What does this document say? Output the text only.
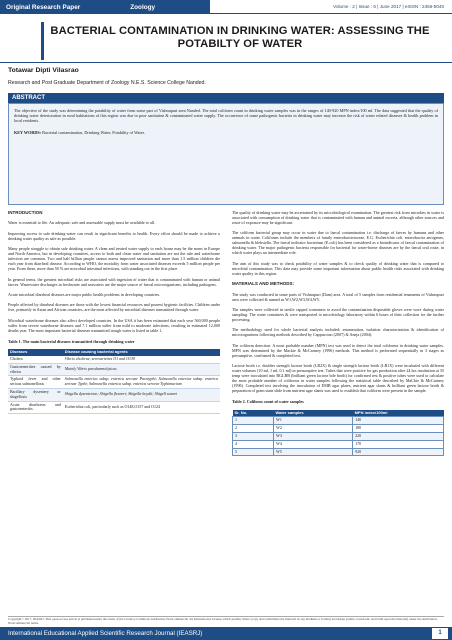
Original Research Paper	Zoology	Volume : 2 | Issue : 6 | June 2017 | eISSN : 2456-5040
BACTERIAL CONTAMINATION IN DRINKING WATER: ASSESSING THE POTABILTY OF WATER
Totawar Dipti Vilasrao
Research and Post Graduate Department of Zoology N.E.S. Science College Nanded.
ABSTRACT

The objective of the study was determining the potability of water from some part of Vishnupuri area Nanded. The total coliform count in drinking water samples was in the ranges of 140-920 MPN index/100 ml. The data suggested that the quality of drinking water deterioration in rural habitations of this region was due to poor sanitation & contaminated water supply. The occurrence of some pathogenic bacteria in drinking water may increase the risk of water related diseases & health problem in local residents.

KEY WORDS: Bacterial contamination, Drinking Water, Potability of Water.

INTRODUCTION

Water is essential to life. An adequate, safe and assessable supply must be available to all.

Improving access to safe drinking-water can result in significant benefits to health. Every effort should be made to achieve a drinking water quality as safe as possible.

Many people struggle to obtain safe drinking water. A clean and treated water supply to each house may be the norm in Europe and North America, but in developing countries, access to both and clean water and sanitation are not the rule and waterborne infection are common. Two and half billion people cannot assess improved sanitation and more than 1.5 million children die each year from diarrheal disease. According to WHO, the mortality from water associated diseases exceeds 5 million people per year. From these, more than 50 % are microbial intestinal infections, with standing out in the first place.

In general terms, the greatest microbial risks are associated with ingestion of water that is contaminated with human or animal faeces. Wastewater discharges in freshwater and seawaters are the major source of faecal microorganisms, including pathogens.

Acute microbial diarrheal diseases are major public health problems in developing countries.

People affected by diarrheal diseases are those with the lowest financial resources and poorest hygienic facilities. Children under five, primarily in Asian and African countries, are the most affected by microbial diseases transmitted through water.

Microbial waterborne diseases also affect developed countries. In the USA it has been estimated that each year 560,000 people suffer from severe waterborne diseases and 7.1 million suffer from mild to moderate infections, resulting in estimated 12,000 deaths year. The most important bacterial diseases transmitted trough water is listed in table 1.

Table 1. The main bacterial diseases transmitted through drinking water

Diseases	Disease causing bacterial agents
Cholera	Vibrio cholerae, serovarieties O1 and O139
Gastroenterities caused by vibrios	Mainly Vibrio parahaemolyticus
Typhoid fever and other serious salmonellosis	Salmonella enterica subsp. enterica serovar Paratyphi; Salmonella enterica subsp. enterica serovar Typhi; Salmonella enterica subsp. enterica serovar Typhimurium
Bacillary dysentery or shigellosis	Shigella dysenteriae; Shigella flexneri; Shigella boydii; Shigell sonnei
Acute diarrhoeas and gastroenteritis	Escherichia coli, particularly such as O148,O157 and O124

The quality of drinking water may be ascertained by its microbiological examination. The greatest risk from microbes in water is associated with consumption of drinking water that is contaminated with human and animal excreta, although other sources and route of exposure may be significant.

The coliform bacterial group may occur in water due to faecal contamination i.e. discharge of faeces by humans and other animals in water. Coliforms include the members of family enterobacteriaceae, E.G. Escherichia coli, enterobactor aerogenes, salmonella & klebsiella. The faecal indicator bacterium (E.coli) has been considered as a bioindicator of faecal contamination of drinking water. The major pathogenic bacteria responsible for bacterial for water-borne diseases are by the faecal oral route, in which water plays an intermediate role.

The aim of this study was to check potability of water samples & to check quality of drinking water that is compared to microbial contamination. This data may provide some important information about public health risks associated with drinking water quality in this region.

MATERIALS AND METHODS:

The study was conducted in some parts of Vishnupuri (Dam) area. A total of 5 samples from residential tenaments of Vishnupuri area were collected & named as W1,W2,W3,W4,W5.

The samples were collected in sterile capped containers to avoid the contamination disposable gloves were wore during water sampling. The water containers & were transported to microbiology laboratory within 6 hours of their collection for the further processing.

The methodology used for whole bacterial analysis included: enumeration, isolation characterization & identification of microorganisms following methods described by Cappuccino (2007) & Aneja (2004).

The coliform detection. A most probable number (MPN) test was used to detect the total coliforms in drinking water samples. MPN was determined by the Mackie & McCartney (1996) methods. This method is performed sequentially in 3 stages as presumptive, confirmed & completed test.

Lactose broth i.e. doubles strength lactose broth (LB2X) & single strength lactose broth (LB1X) were incubated with different water volumes (10 ml, 1 ml, 0.1 ml) in presumptive test. Tubes that were positive for gas production after 24 hrs incubation at 35 temp were inoculated into BGLBB (brilliant green lactose bile broth) for confirmed test & positive tubes were used to calculate the most probable number of coliforms in water samples following the statistical table described by MaCkie & McCartney (1996). Completed test involving the inoculation of EMB agar plates, nutrient agar slants & brilliant green lactose broth & preparation of gram stain slide from nutrient agar slants was used to establish that coliform were present in the sample.

Table 2. Coliform count of water samples

Sr. No.	Water samples	MPN index/100ml
1	W1	140
2	W2	180
3	W3	220
4	W4	170
5	W5	920
Copyright© 2017, IEASRJ. This open-access article is published under the terms of the Creative Commons Attribution-NonCommercial 4.0 International License which permits Share (copy and redistribute the material in any medium or format) and Adapt (remix, transform, and build upon the material) under the Attribution-NonCommercial terms.
International Educational Applied Scientific Research Journal (IEASRJ)	1
